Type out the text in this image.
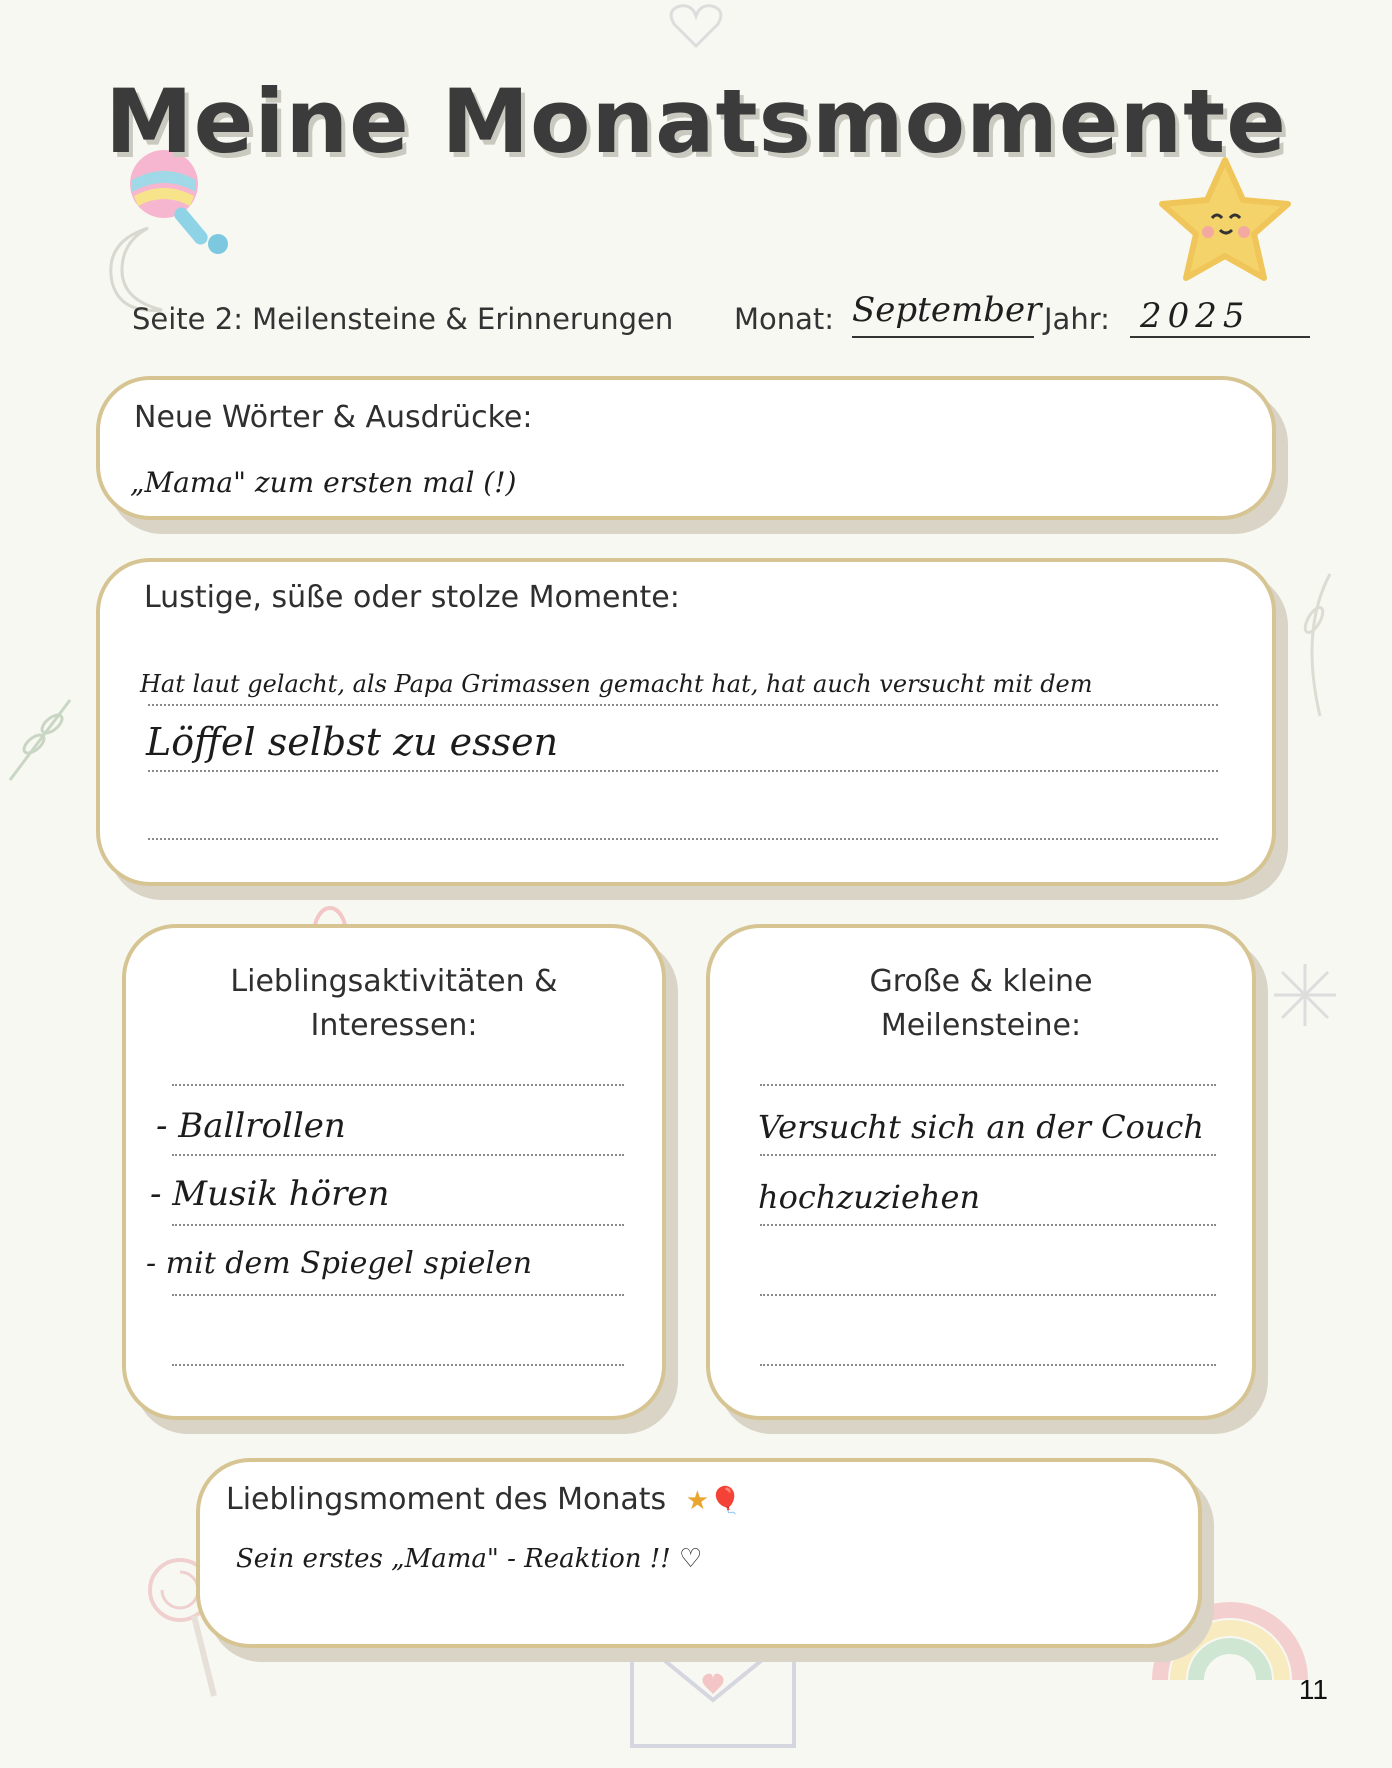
Meine Monatsmomente
Seite 2: Meilensteine & Erinnerungen Monat: September Jahr: 2025
Neue Wörter & Ausdrücke:
„Mama" zum ersten mal (!)
Lustige, süße oder stolze Momente:
Hat laut gelacht, als Papa Grimassen gemacht hat, hat auch versucht mit dem
Löffel selbst zu essen
Lieblingsaktivitäten &
Interessen:
- Ballrollen
- Musik hören
- mit dem Spiegel spielen
Große & kleine
Meilensteine:
Versucht sich an der Couch
hochzuziehen
Lieblingsmoment des Monats ★🎈
Sein erstes „Mama" - Reaktion !! ♡
11
